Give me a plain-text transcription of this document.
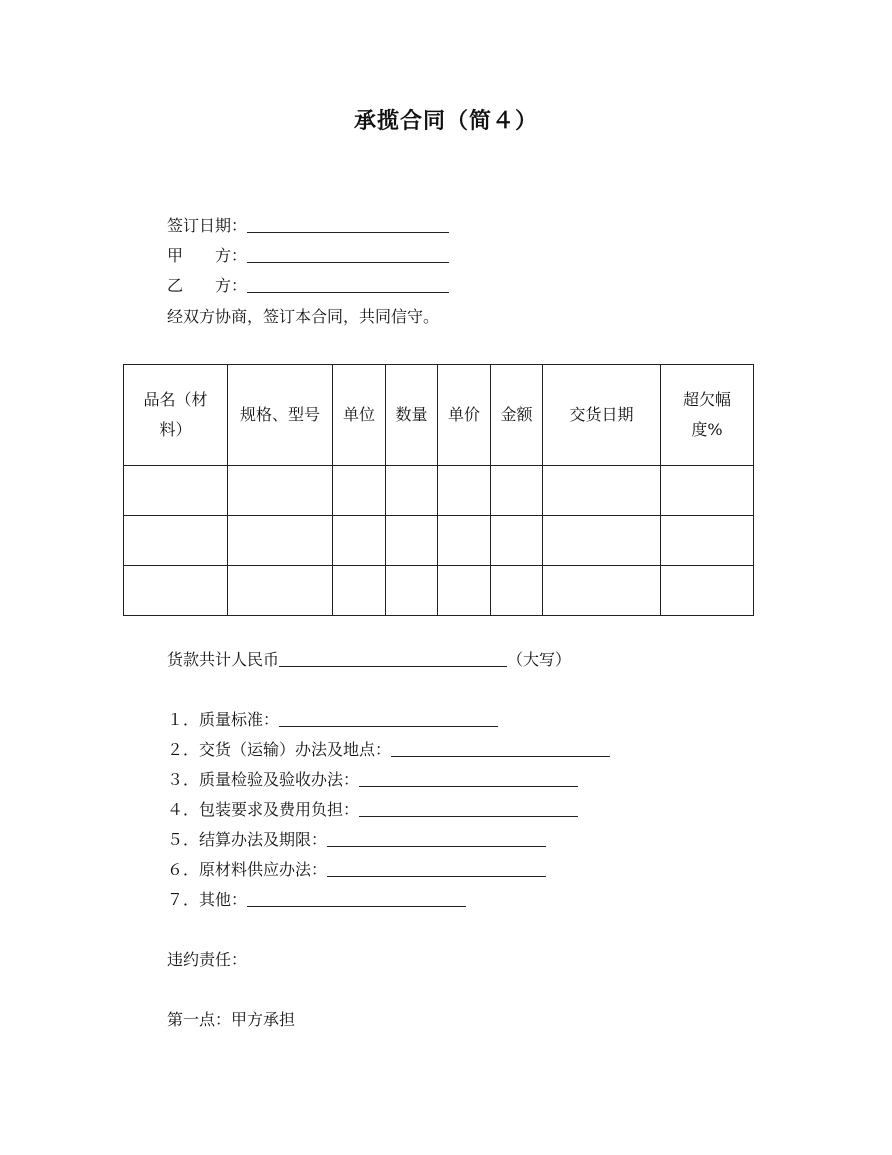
承揽合同（简４）
签订日期：
甲　　方：
乙　　方：
经双方协商，签订本合同，共同信守。
品名（材料）	规格、型号	单位	数量	单价	金额	交货日期	超欠幅度%

货款共计人民币	（大写）
１．质量标准：
２．交货（运输）办法及地点：
３．质量检验及验收办法：
４．包装要求及费用负担：
５．结算办法及期限：
６．原材料供应办法：
７．其他：
违约责任：
第一点：甲方承担
